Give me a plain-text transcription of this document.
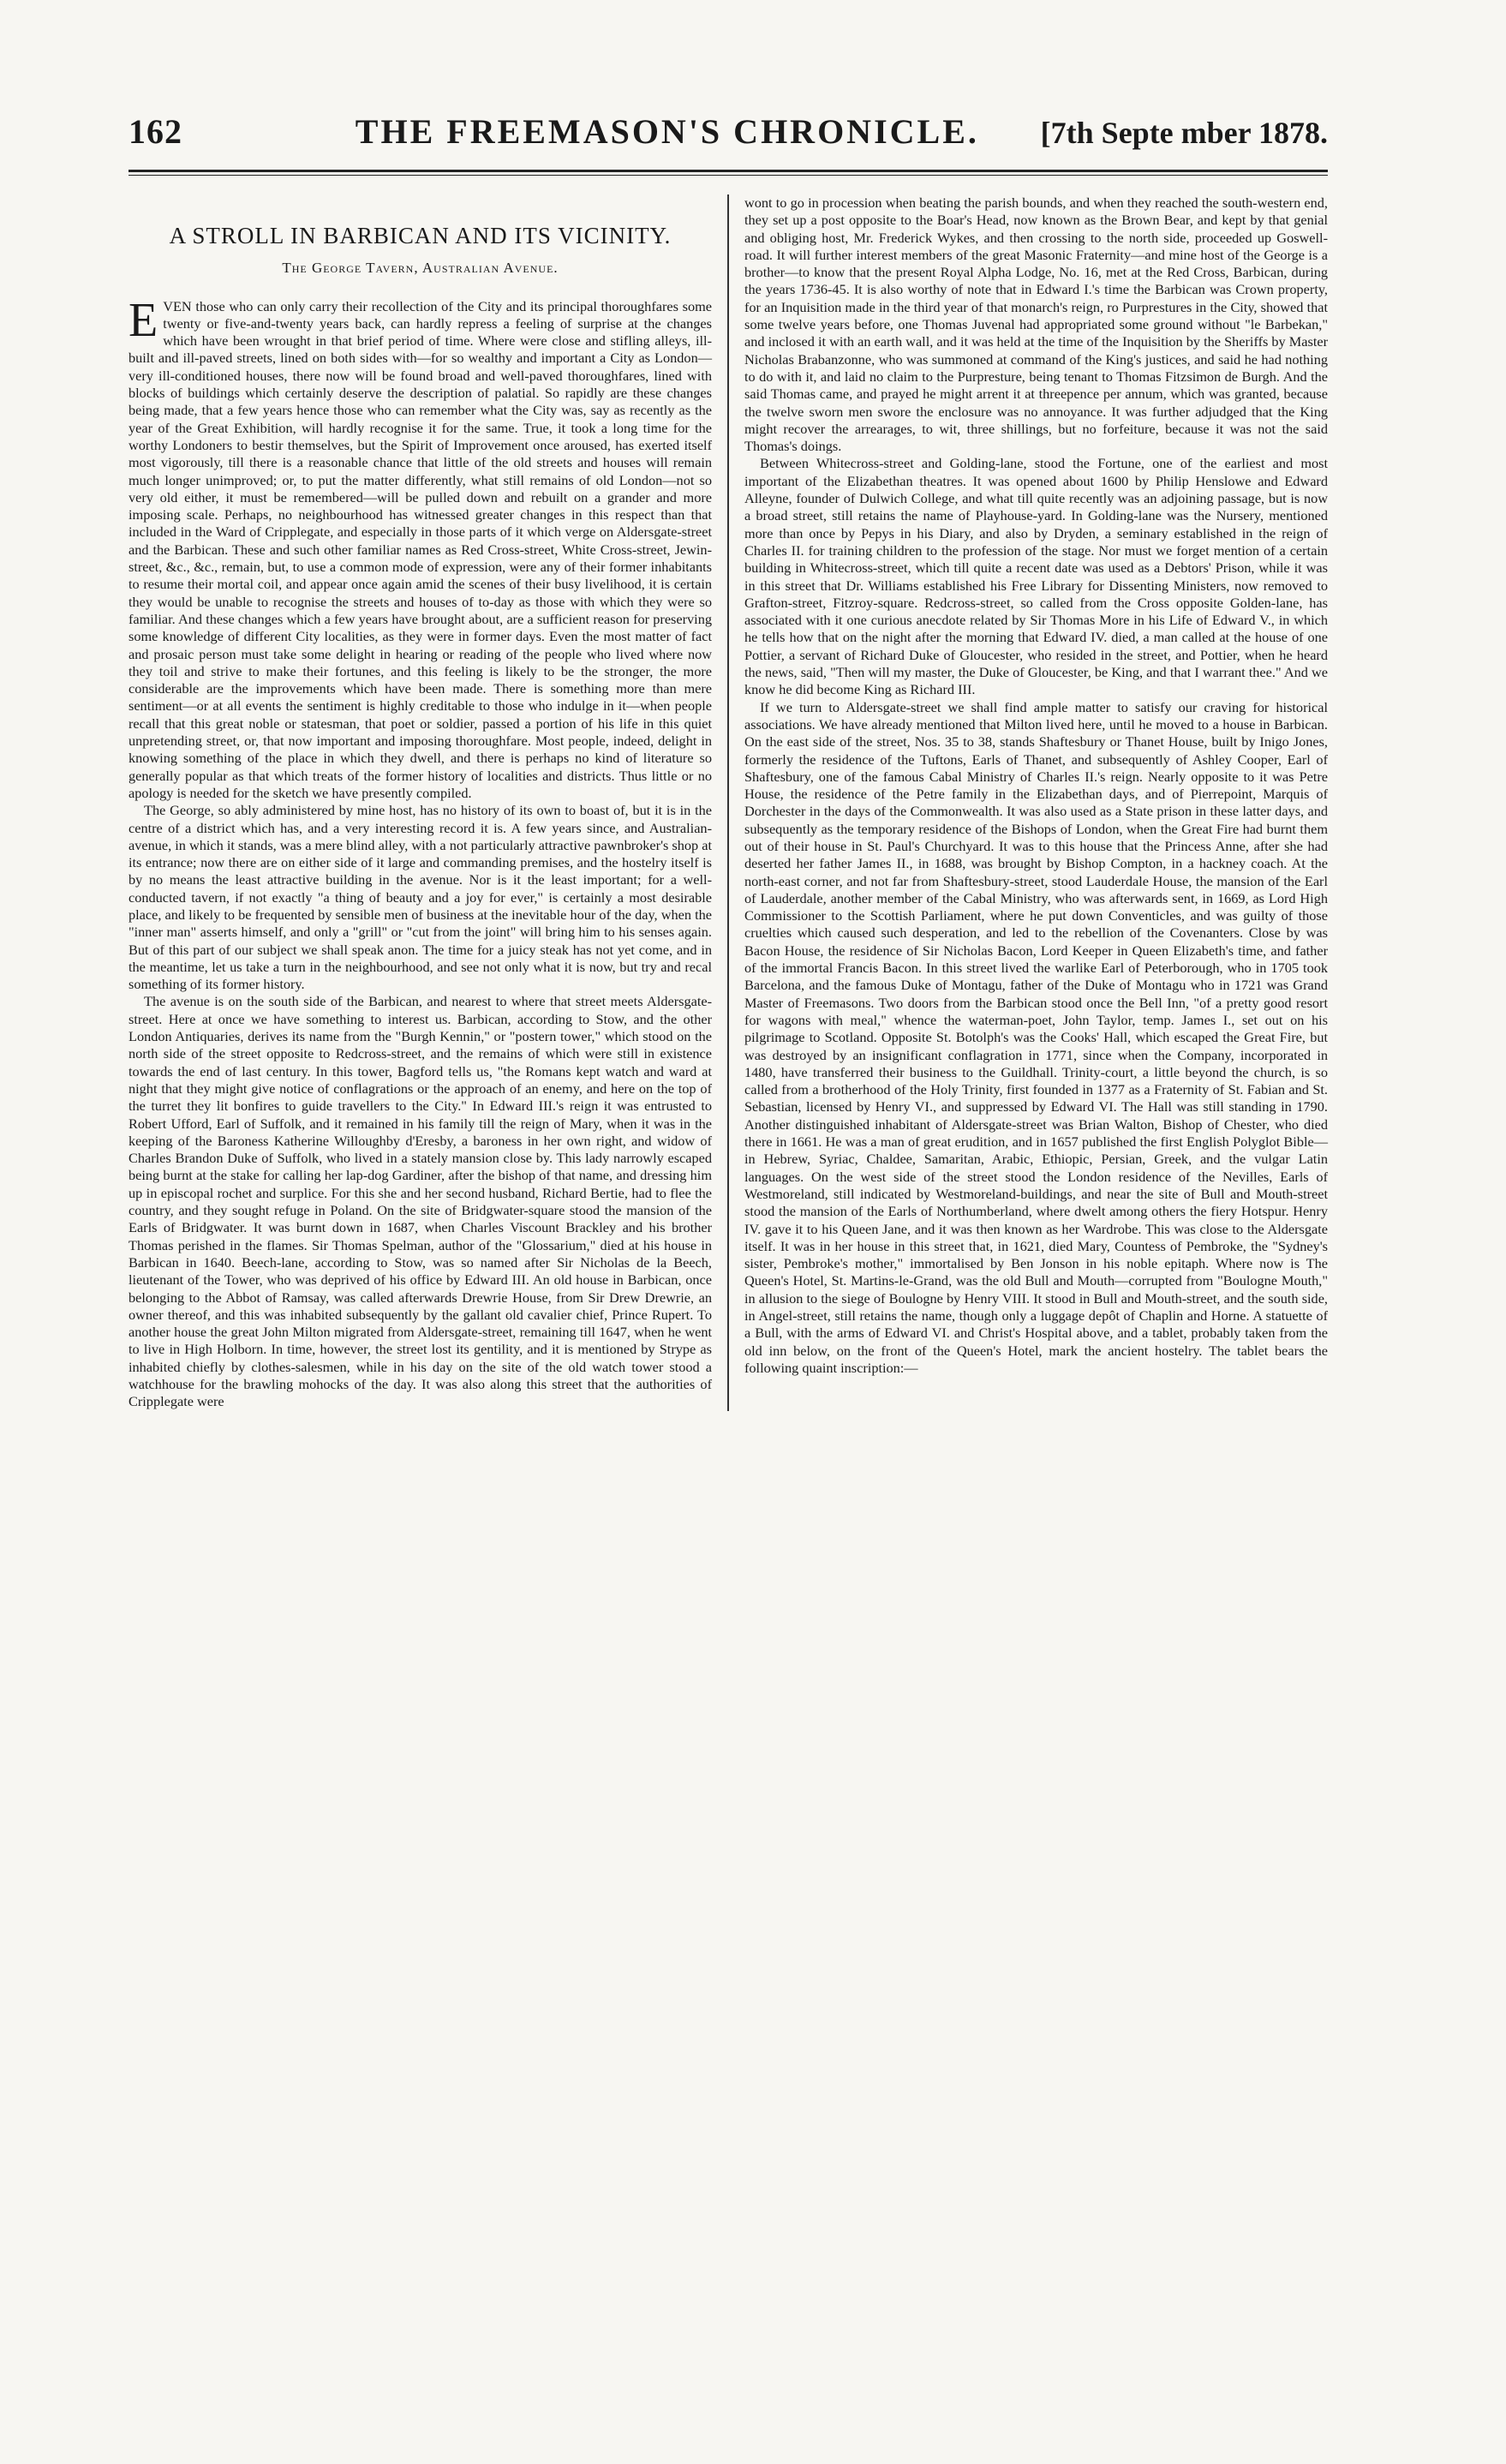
162	THE FREEMASON'S CHRONICLE. [7th Septe mber 1878.
A STROLL IN BARBICAN AND ITS VICINITY.
The George Tavern, Australian Avenue.

EVEN those who can only carry their recollection of the City and its principal thoroughfares some twenty or five-and-twenty years back, can hardly repress a feeling of surprise at the changes which have been wrought in that brief period of time. Where were close and stifling alleys, ill-built and ill-paved streets, lined on both sides with—for so wealthy and important a City as London—very ill-conditioned houses, there now will be found broad and well-paved thoroughfares, lined with blocks of buildings which certainly deserve the description of palatial. So rapidly are these changes being made, that a few years hence those who can remember what the City was, say as recently as the year of the Great Exhibition, will hardly recognise it for the same. True, it took a long time for the worthy Londoners to bestir themselves, but the Spirit of Improvement once aroused, has exerted itself most vigorously, till there is a reasonable chance that little of the old streets and houses will remain much longer unimproved; or, to put the matter differently, what still remains of old London—not so very old either, it must be remembered—will be pulled down and rebuilt on a grander and more imposing scale. Perhaps, no neighbourhood has witnessed greater changes in this respect than that included in the Ward of Cripplegate, and especially in those parts of it which verge on Aldersgate-street and the Barbican. These and such other familiar names as Red Cross-street, White Cross-street, Jewin-street, &c., &c., remain, but, to use a common mode of expression, were any of their former inhabitants to resume their mortal coil, and appear once again amid the scenes of their busy livelihood, it is certain they would be unable to recognise the streets and houses of to-day as those with which they were so familiar. And these changes which a few years have brought about, are a sufficient reason for preserving some knowledge of different City localities, as they were in former days. Even the most matter of fact and prosaic person must take some delight in hearing or reading of the people who lived where now they toil and strive to make their fortunes, and this feeling is likely to be the stronger, the more considerable are the improvements which have been made. There is something more than mere sentiment—or at all events the sentiment is highly creditable to those who indulge in it—when people recall that this great noble or statesman, that poet or soldier, passed a portion of his life in this quiet unpretending street, or, that now important and imposing thoroughfare. Most people, indeed, delight in knowing something of the place in which they dwell, and there is perhaps no kind of literature so generally popular as that which treats of the former history of localities and districts. Thus little or no apology is needed for the sketch we have presently compiled.

The George, so ably administered by mine host, has no history of its own to boast of, but it is in the centre of a district which has, and a very interesting record it is. A few years since, and Australian-avenue, in which it stands, was a mere blind alley, with a not particularly attractive pawnbroker's shop at its entrance; now there are on either side of it large and commanding premises, and the hostelry itself is by no means the least attractive building in the avenue. Nor is it the least important; for a well-conducted tavern, if not exactly "a thing of beauty and a joy for ever," is certainly a most desirable place, and likely to be frequented by sensible men of business at the inevitable hour of the day, when the "inner man" asserts himself, and only a "grill" or "cut from the joint" will bring him to his senses again. But of this part of our subject we shall speak anon. The time for a juicy steak has not yet come, and in the meantime, let us take a turn in the neighbourhood, and see not only what it is now, but try and recal something of its former history.

The avenue is on the south side of the Barbican, and nearest to where that street meets Aldersgate-street. Here at once we have something to interest us. Barbican, according to Stow, and the other London Antiquaries, derives its name from the "Burgh Kennin," or "postern tower," which stood on the north side of the street opposite to Redcross-street, and the remains of which were still in existence towards the end of last century. In this tower, Bagford tells us, "the Romans kept watch and ward at night that they might give notice of conflagrations or the approach of an enemy, and here on the top of the turret they lit bonfires to guide travellers to the City." In Edward III.'s reign it was entrusted to Robert Ufford, Earl of Suffolk, and it remained in his family till the reign of Mary, when it was in the keeping of the Baroness Katherine Willoughby d'Eresby, a baroness in her own right, and widow of Charles Brandon Duke of Suffolk, who lived in a stately mansion close by. This lady narrowly escaped being burnt at the stake for calling her lap-dog Gardiner, after the bishop of that name, and dressing him up in episcopal rochet and surplice. For this she and her second husband, Richard Bertie, had to flee the country, and they sought refuge in Poland. On the site of Bridgwater-square stood the mansion of the Earls of Bridgwater. It was burnt down in 1687, when Charles Viscount Brackley and his brother Thomas perished in the flames. Sir Thomas Spelman, author of the "Glossarium," died at his house in Barbican in 1640. Beech-lane, according to Stow, was so named after Sir Nicholas de la Beech, lieutenant of the Tower, who was deprived of his office by Edward III. An old house in Barbican, once belonging to the Abbot of Ramsay, was called afterwards Drewrie House, from Sir Drew Drewrie, an owner thereof, and this was inhabited subsequently by the gallant old cavalier chief, Prince Rupert. To another house the great John Milton migrated from Aldersgate-street, remaining till 1647, when he went to live in High Holborn. In time, however, the street lost its gentility, and it is mentioned by Strype as inhabited chiefly by clothes-salesmen, while in his day on the site of the old watch tower stood a watchhouse for the brawling mohocks of the day. It was also along this street that the authorities of Cripplegate were

wont to go in procession when beating the parish bounds, and when they reached the south-western end, they set up a post opposite to the Boar's Head, now known as the Brown Bear, and kept by that genial and obliging host, Mr. Frederick Wykes, and then crossing to the north side, proceeded up Goswell-road. It will further interest members of the great Masonic Fraternity—and mine host of the George is a brother—to know that the present Royal Alpha Lodge, No. 16, met at the Red Cross, Barbican, during the years 1736-45. It is also worthy of note that in Edward I.'s time the Barbican was Crown property, for an Inquisition made in the third year of that monarch's reign, ro Purprestures in the City, showed that some twelve years before, one Thomas Juvenal had appropriated some ground without "le Barbekan," and inclosed it with an earth wall, and it was held at the time of the Inquisition by the Sheriffs by Master Nicholas Brabanzonne, who was summoned at command of the King's justices, and said he had nothing to do with it, and laid no claim to the Purpresture, being tenant to Thomas Fitzsimon de Burgh. And the said Thomas came, and prayed he might arrent it at threepence per annum, which was granted, because the twelve sworn men swore the enclosure was no annoyance. It was further adjudged that the King might recover the arrearages, to wit, three shillings, but no forfeiture, because it was not the said Thomas's doings.

Between Whitecross-street and Golding-lane, stood the Fortune, one of the earliest and most important of the Elizabethan theatres. It was opened about 1600 by Philip Henslowe and Edward Alleyne, founder of Dulwich College, and what till quite recently was an adjoining passage, but is now a broad street, still retains the name of Playhouse-yard. In Golding-lane was the Nursery, mentioned more than once by Pepys in his Diary, and also by Dryden, a seminary established in the reign of Charles II. for training children to the profession of the stage. Nor must we forget mention of a certain building in Whitecross-street, which till quite a recent date was used as a Debtors' Prison, while it was in this street that Dr. Williams established his Free Library for Dissenting Ministers, now removed to Grafton-street, Fitzroy-square. Redcross-street, so called from the Cross opposite Golden-lane, has associated with it one curious anecdote related by Sir Thomas More in his Life of Edward V., in which he tells how that on the night after the morning that Edward IV. died, a man called at the house of one Pottier, a servant of Richard Duke of Gloucester, who resided in the street, and Pottier, when he heard the news, said, "Then will my master, the Duke of Gloucester, be King, and that I warrant thee." And we know he did become King as Richard III.

If we turn to Aldersgate-street we shall find ample matter to satisfy our craving for historical associations. We have already mentioned that Milton lived here, until he moved to a house in Barbican. On the east side of the street, Nos. 35 to 38, stands Shaftesbury or Thanet House, built by Inigo Jones, formerly the residence of the Tuftons, Earls of Thanet, and subsequently of Ashley Cooper, Earl of Shaftesbury, one of the famous Cabal Ministry of Charles II.'s reign. Nearly opposite to it was Petre House, the residence of the Petre family in the Elizabethan days, and of Pierrepoint, Marquis of Dorchester in the days of the Commonwealth. It was also used as a State prison in these latter days, and subsequently as the temporary residence of the Bishops of London, when the Great Fire had burnt them out of their house in St. Paul's Churchyard. It was to this house that the Princess Anne, after she had deserted her father James II., in 1688, was brought by Bishop Compton, in a hackney coach. At the north-east corner, and not far from Shaftesbury-street, stood Lauderdale House, the mansion of the Earl of Lauderdale, another member of the Cabal Ministry, who was afterwards sent, in 1669, as Lord High Commissioner to the Scottish Parliament, where he put down Conventicles, and was guilty of those cruelties which caused such desperation, and led to the rebellion of the Covenanters. Close by was Bacon House, the residence of Sir Nicholas Bacon, Lord Keeper in Queen Elizabeth's time, and father of the immortal Francis Bacon. In this street lived the warlike Earl of Peterborough, who in 1705 took Barcelona, and the famous Duke of Montagu, father of the Duke of Montagu who in 1721 was Grand Master of Freemasons. Two doors from the Barbican stood once the Bell Inn, "of a pretty good resort for wagons with meal," whence the waterman-poet, John Taylor, temp. James I., set out on his pilgrimage to Scotland. Opposite St. Botolph's was the Cooks' Hall, which escaped the Great Fire, but was destroyed by an insignificant conflagration in 1771, since when the Company, incorporated in 1480, have transferred their business to the Guildhall. Trinity-court, a little beyond the church, is so called from a brotherhood of the Holy Trinity, first founded in 1377 as a Fraternity of St. Fabian and St. Sebastian, licensed by Henry VI., and suppressed by Edward VI. The Hall was still standing in 1790. Another distinguished inhabitant of Aldersgate-street was Brian Walton, Bishop of Chester, who died there in 1661. He was a man of great erudition, and in 1657 published the first English Polyglot Bible—in Hebrew, Syriac, Chaldee, Samaritan, Arabic, Ethiopic, Persian, Greek, and the vulgar Latin languages. On the west side of the street stood the London residence of the Nevilles, Earls of Westmoreland, still indicated by Westmoreland-buildings, and near the site of Bull and Mouth-street stood the mansion of the Earls of Northumberland, where dwelt among others the fiery Hotspur. Henry IV. gave it to his Queen Jane, and it was then known as her Wardrobe. This was close to the Aldersgate itself. It was in her house in this street that, in 1621, died Mary, Countess of Pembroke, the "Sydney's sister, Pembroke's mother," immortalised by Ben Jonson in his noble epitaph. Where now is The Queen's Hotel, St. Martins-le-Grand, was the old Bull and Mouth—corrupted from "Boulogne Mouth," in allusion to the siege of Boulogne by Henry VIII. It stood in Bull and Mouth-street, and the south side, in Angel-street, still retains the name, though only a luggage depôt of Chaplin and Horne. A statuette of a Bull, with the arms of Edward VI. and Christ's Hospital above, and a tablet, probably taken from the old inn below, on the front of the Queen's Hotel, mark the ancient hostelry. The tablet bears the following quaint inscription:—
